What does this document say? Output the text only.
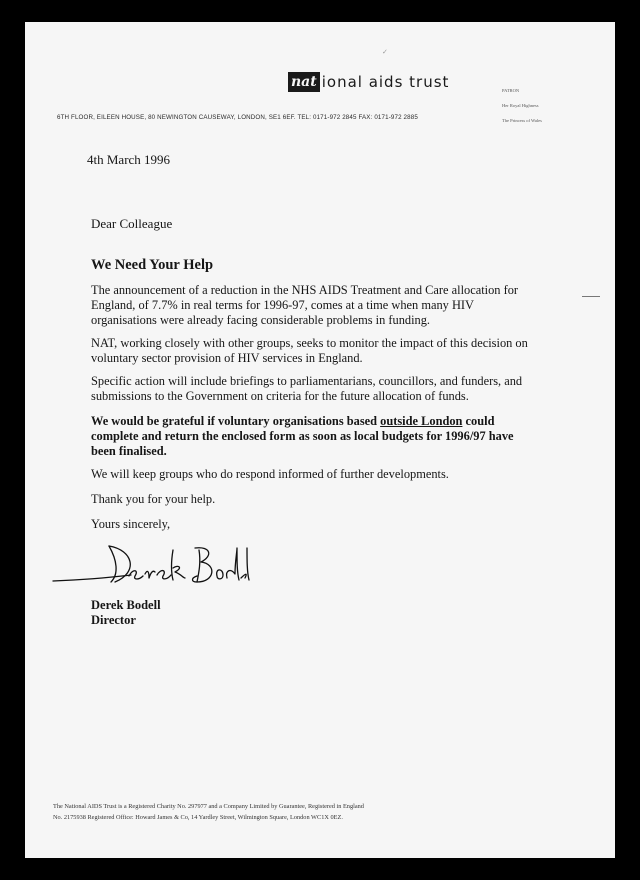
✓
nat ional aids trust	PATRON
Her Royal Highness
The Princess of Wales
6TH FLOOR, EILEEN HOUSE, 80 NEWINGTON CAUSEWAY, LONDON, SE1 6EF. TEL: 0171-972 2845 FAX: 0171-972 2885
4th March 1996
Dear Colleague
We Need Your Help

The announcement of a reduction in the NHS AIDS Treatment and Care allocation for England, of 7.7% in real terms for 1996-97, comes at a time when many HIV organisations were already facing considerable problems in funding.

NAT, working closely with other groups, seeks to monitor the impact of this decision on voluntary sector provision of HIV services in England.

Specific action will include briefings to parliamentarians, councillors, and funders, and submissions to the Government on criteria for the future allocation of funds.

We would be grateful if voluntary organisations based outside London could complete and return the enclosed form as soon as local budgets for 1996/97 have been finalised.

We will keep groups who do respond informed of further developments.

Thank you for your help.

Yours sincerely,

Derek Bodell
Director
The National AIDS Trust is a Registered Charity No. 297977 and a Company Limited by Guarantee, Registered in England
No. 2175938 Registered Office: Howard James & Co, 14 Yardley Street, Wilmington Square, London WC1X 0EZ.
